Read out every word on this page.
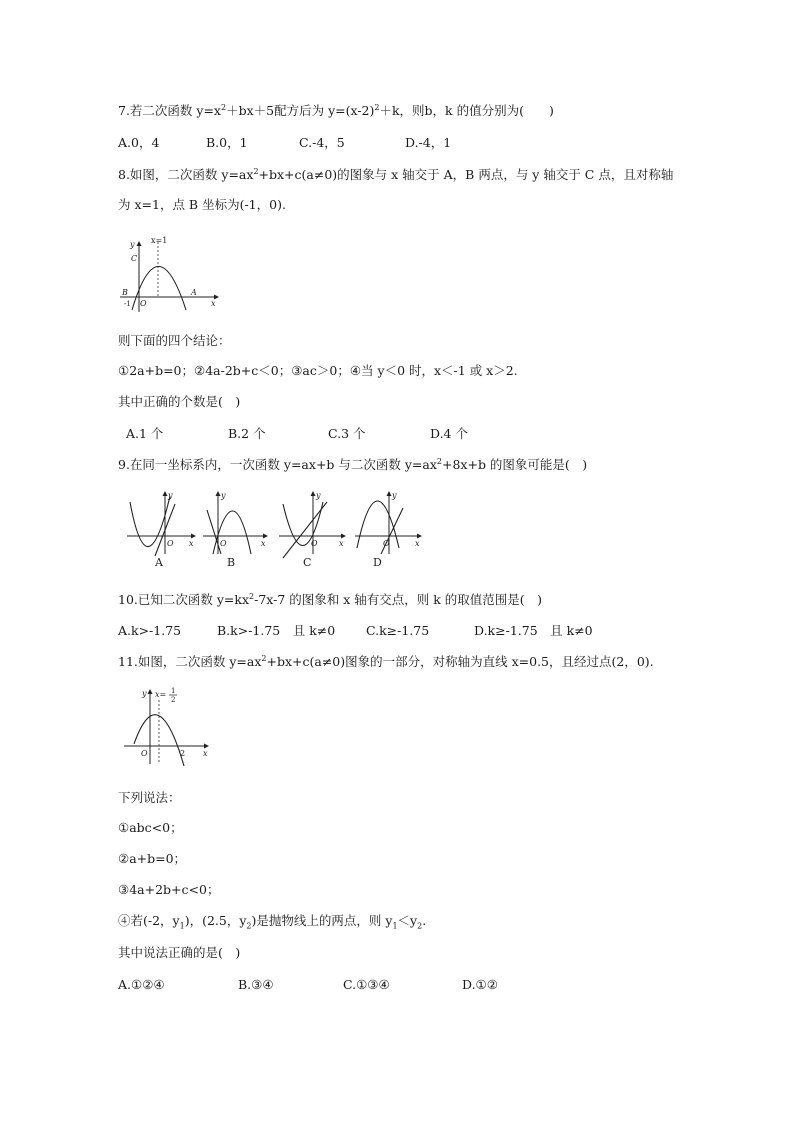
7.若二次函数 $y=x^2+bx+5$配方后为 $y=(x-2)^2+k$，则b，k 的值分别为(　　)
A.0，4	B.0，1	C.-4，5	D.-4，1
8.如图，二次函数 $y=ax^2+bx+c(a\ne 0)$的图象与 x 轴交于 A，B 两点，与 y 轴交于 C 点，且对称轴
为 x=1，点 B 坐标为(-1，0).
x=1
y
C
B
-1 O
A
x
则下面的四个结论：
①2a+b=0；②4a-2b+c＜0；③ac＞0；④当 y＜0 时，x＜-1 或 x＞2.
其中正确的个数是(　)
A.1 个	B.2 个	C.3 个	D.4 个
9.在同一坐标系内，一次函数 y=ax+b 与二次函数 $y=ax^2+8x+b$ 的图象可能是(　)
y
x
O
A
y
x
O
B
y
x
O
C
y
x
O
D
10.已知二次函数 $y=kx^2-7x-7$ 的图象和 x 轴有交点，则 k 的取值范围是(　)
A.k>-1.75	B.k>-1.75　且 k≠0 C.k≥-1.75	D.k≥-1.75　且 k≠0
11.如图，二次函数 $y=ax^2+bx+c(a\ne 0)$图象的一部分，对称轴为直线 x=0.5，且经过点(2，0).
y x= 1
2
O	2 x
下列说法：
①abc<0；
②a+b=0；
③4a+2b+c<0；
④若(-2，$y_1$)，(2.5，$y_2$)是抛物线上的两点，则 $y_1<y_2$.
其中说法正确的是(　)
A.①②④	B.③④	C.①③④	D.①②
